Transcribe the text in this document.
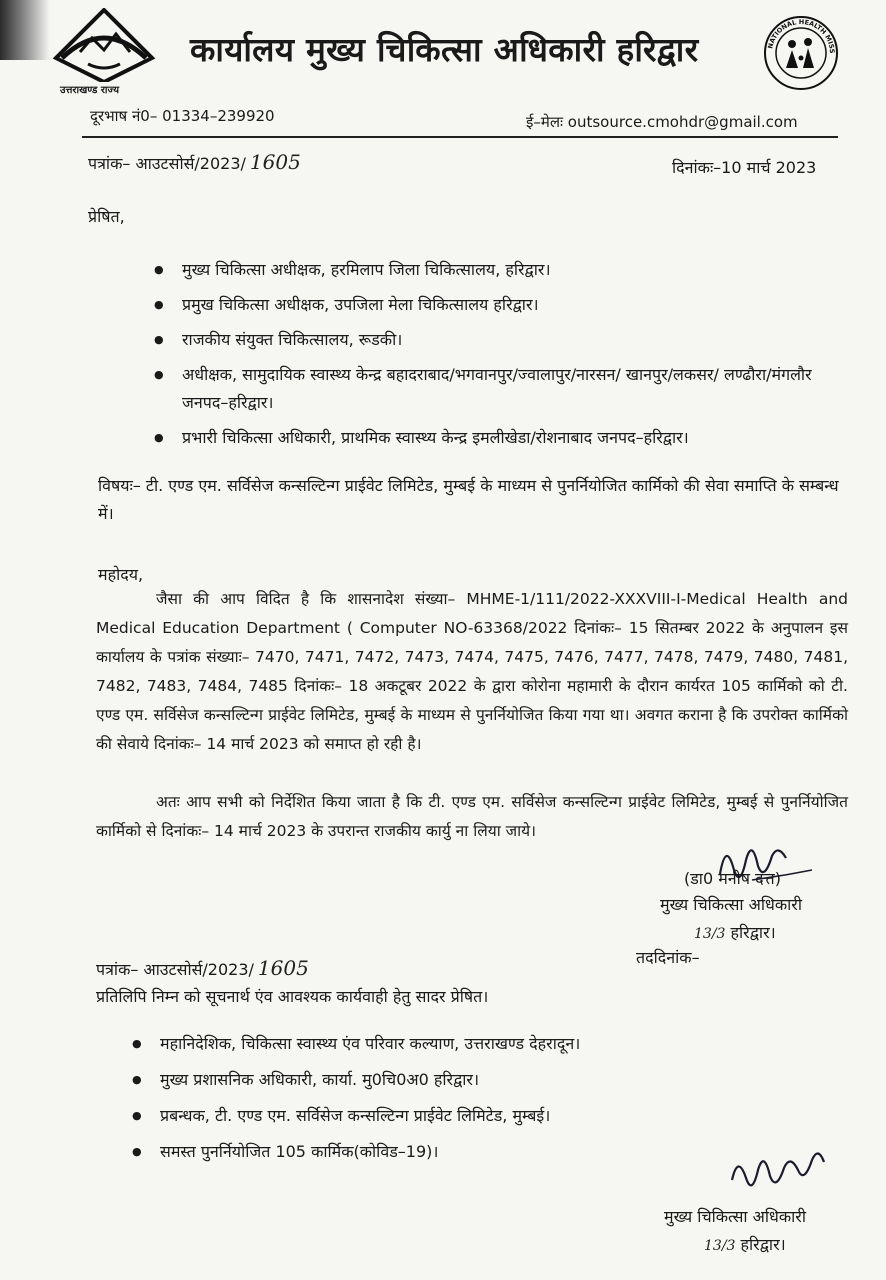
उत्तराखण्ड राज्य
कार्यालय मुख्य चिकित्सा अधिकारी हरिद्वार	NATIONAL HEALTH MISS
दूरभाष नं0– 01334–239920	ई–मेलः outsource.cmohdr@gmail.com
पत्रांक– आउटसोर्स/2023/ 1605	दिनांकः–10 मार्च 2023
प्रेषित,
● मुख्य चिकित्सा अधीक्षक, हरमिलाप जिला चिकित्सालय, हरिद्वार।
● प्रमुख चिकित्सा अधीक्षक, उपजिला मेला चिकित्सालय हरिद्वार।
● राजकीय संयुक्त चिकित्सालय, रूडकी।
● अधीक्षक, सामुदायिक स्वास्थ्य केन्द्र बहादराबाद/भगवानपुर/ज्वालापुर/नारसन/ खानपुर/लकसर/ लण्ढौरा/मंगलौर जनपद–हरिद्वार।
● प्रभारी चिकित्सा अधिकारी, प्राथमिक स्वास्थ्य केन्द्र इमलीखेडा/रोशनाबाद जनपद–हरिद्वार।
विषयः– टी. एण्ड एम. सर्विसेज कन्सल्टिन्ग प्राईवेट लिमिटेड, मुम्बई के माध्यम से पुनर्नियोजित कार्मिको की सेवा समाप्ति के सम्बन्ध में।
महोदय,

जैसा की आप विदित है कि शासनादेश संख्या– MHME-1/111/2022-XXXVIII-I-Medical Health and Medical Education Department ( Computer NO-63368/2022 दिनांकः– 15 सितम्बर 2022 के अनुपालन इस कार्यालय के पत्रांक संख्याः– 7470, 7471, 7472, 7473, 7474, 7475, 7476, 7477, 7478, 7479, 7480, 7481, 7482, 7483, 7484, 7485 दिनांकः– 18 अकटूबर 2022 के द्वारा कोरोना महामारी के दौरान कार्यरत 105 कार्मिको को टी. एण्ड एम. सर्विसेज कन्सल्टिन्ग प्राईवेट लिमिटेड, मुम्बई के माध्यम से पुनर्नियोजित किया गया था। अवगत कराना है कि उपरोक्त कार्मिको की सेवाये दिनांकः– 14 मार्च 2023 को समाप्त हो रही है।

अतः आप सभी को निर्देशित किया जाता है कि टी. एण्ड एम. सर्विसेज कन्सल्टिन्ग प्राईवेट लिमिटेड, मुम्बई से पुनर्नियोजित कार्मिको से दिनांकः– 14 मार्च 2023 के उपरान्त राजकीय कार्यु ना लिया जाये।

(डा0 मनीष दत्त)
मुख्य चिकित्सा अधिकारी
13/3 हरिद्वार।
पत्रांक– आउटसोर्स/2023/ 1605	तददिनांक–
प्रतिलिपि निम्न को सूचनार्थ एंव आवश्यक कार्यवाही हेतु सादर प्रेषित।
● महानिदेशिक, चिकित्सा स्वास्थ्य एंव परिवार कल्याण, उत्तराखण्ड देहरादून।
● मुख्य प्रशासनिक अधिकारी, कार्या. मु0चि0अ0 हरिद्वार।
● प्रबन्धक, टी. एण्ड एम. सर्विसेज कन्सल्टिन्ग प्राईवेट लिमिटेड, मुम्बई।
● समस्त पुनर्नियोजित 105 कार्मिक(कोविड–19)।
मुख्य चिकित्सा अधिकारी
13/3 हरिद्वार।
